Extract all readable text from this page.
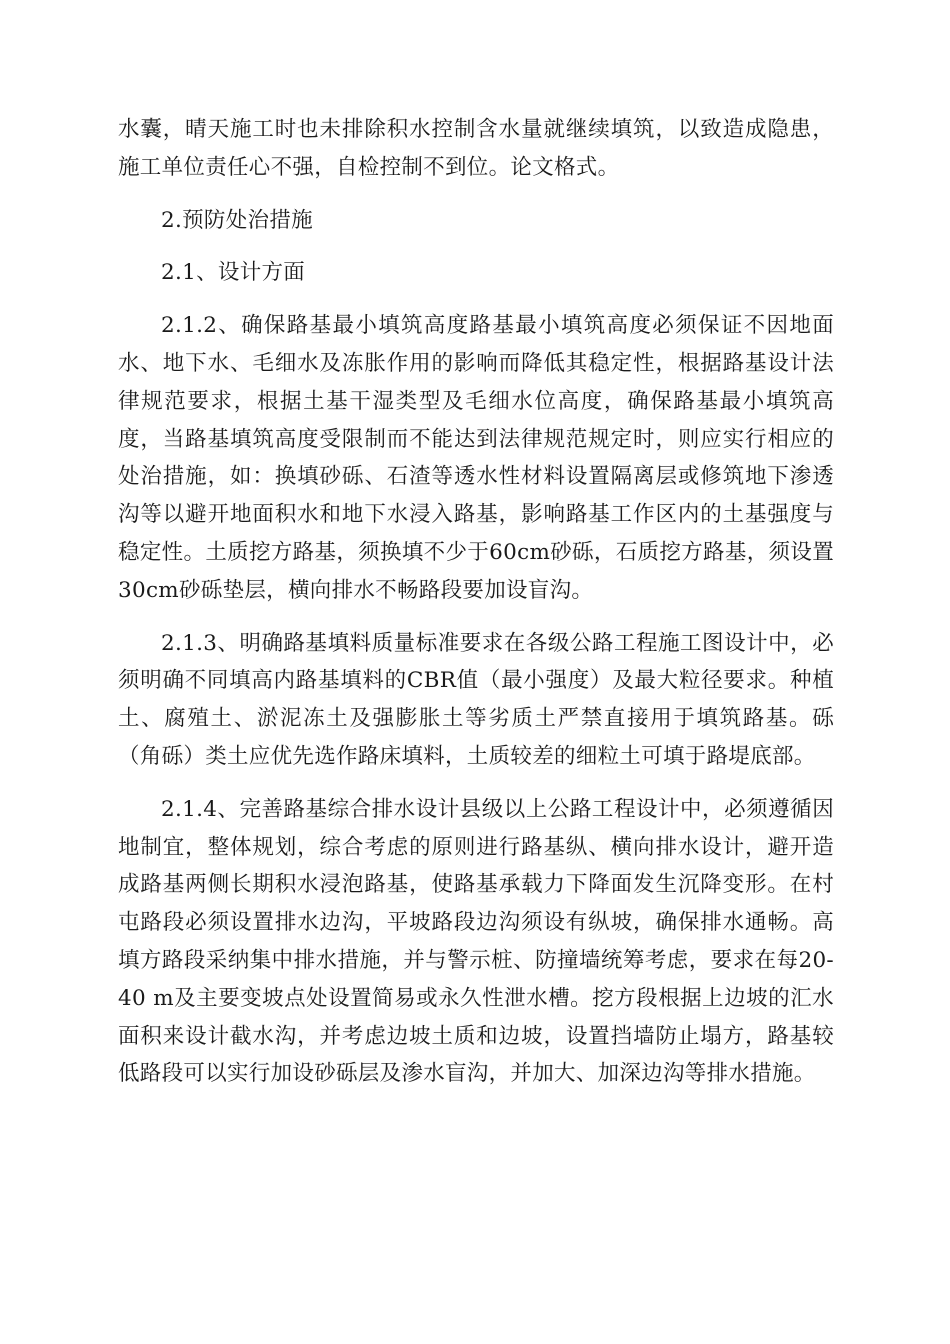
水囊，晴天施工时也未排除积水控制含水量就继续填筑，以致造成隐患，施工单位责任心不强，自检控制不到位。论文格式。

2.预防处治措施

2.1、设计方面

2.1.2、确保路基最小填筑高度路基最小填筑高度必须保证不因地面水、地下水、毛细水及冻胀作用的影响而降低其稳定性，根据路基设计法律规范要求，根据土基干湿类型及毛细水位高度，确保路基最小填筑高度，当路基填筑高度受限制而不能达到法律规范规定时，则应实行相应的处治措施，如：换填砂砾、石渣等透水性材料设置隔离层或修筑地下渗透沟等以避开地面积水和地下水浸入路基，影响路基工作区内的土基强度与稳定性。土质挖方路基，须换填不少于60cm砂砾，石质挖方路基，须设置30cm砂砾垫层，横向排水不畅路段要加设盲沟。

2.1.3、明确路基填料质量标准要求在各级公路工程施工图设计中，必须明确不同填高内路基填料的CBR值（最小强度）及最大粒径要求。种植土、腐殖土、淤泥冻土及强膨胀土等劣质土严禁直接用于填筑路基。砾（角砾）类土应优先选作路床填料，土质较差的细粒土可填于路堤底部。

2.1.4、完善路基综合排水设计县级以上公路工程设计中，必须遵循因地制宜，整体规划，综合考虑的原则进行路基纵、横向排水设计，避开造成路基两侧长期积水浸泡路基，使路基承载力下降面发生沉降变形。在村屯路段必须设置排水边沟，平坡路段边沟须设有纵坡，确保排水通畅。高填方路段采纳集中排水措施，并与警示桩、防撞墙统筹考虑，要求在每20-40 m及主要变坡点处设置简易或永久性泄水槽。挖方段根据上边坡的汇水面积来设计截水沟，并考虑边坡土质和边坡，设置挡墙防止塌方，路基较低路段可以实行加设砂砾层及渗水盲沟，并加大、加深边沟等排水措施。
